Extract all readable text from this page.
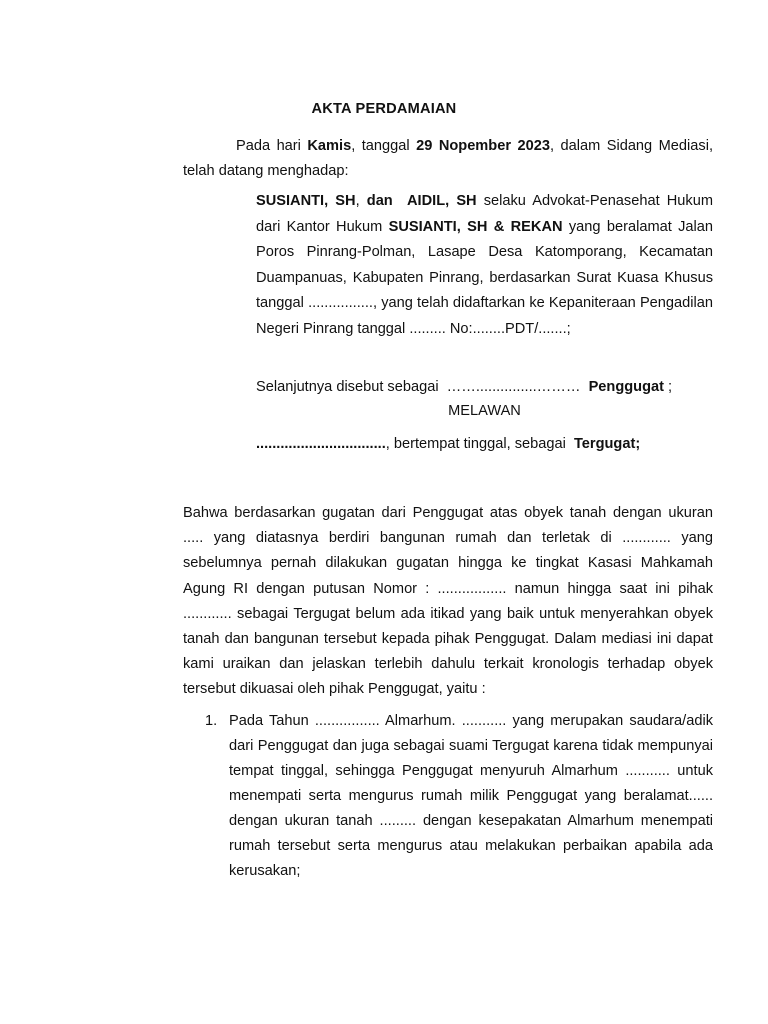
AKTA PERDAMAIAN

Pada hari Kamis, tanggal 29 Nopember 2023, dalam Sidang Mediasi, telah datang menghadap:

SUSIANTI, SH, dan AIDIL, SH selaku Advokat-Penasehat Hukum dari Kantor Hukum SUSIANTI, SH & REKAN yang beralamat Jalan Poros Pinrang-Polman, Lasape Desa Katomporang, Kecamatan Duampanuas, Kabupaten Pinrang, berdasarkan Surat Kuasa Khusus tanggal ................, yang telah didaftarkan ke Kepaniteraan Pengadilan Negeri Pinrang tanggal ......... No:........PDT/.......;

Selanjutnya disebut sebagai  ……...............………  Penggugat ;
MELAWAN
................................, bertempat tinggal, sebagai  Tergugat;

Bahwa berdasarkan gugatan dari Penggugat atas obyek tanah dengan ukuran ..... yang diatasnya berdiri bangunan rumah dan terletak di ............ yang sebelumnya pernah dilakukan gugatan hingga ke tingkat Kasasi Mahkamah Agung RI dengan putusan Nomor : ................. namun hingga saat ini pihak ............ sebagai Tergugat belum ada itikad yang baik untuk menyerahkan obyek tanah dan bangunan tersebut kepada pihak Penggugat. Dalam mediasi ini dapat kami uraikan dan jelaskan terlebih dahulu terkait kronologis terhadap obyek tersebut dikuasai oleh pihak Penggugat, yaitu :

1. Pada Tahun ................ Almarhum. ........... yang merupakan saudara/adik dari Penggugat dan juga sebagai suami Tergugat karena tidak mempunyai tempat tinggal, sehingga Penggugat menyuruh Almarhum ........... untuk menempati serta mengurus rumah milik Penggugat yang beralamat...... dengan ukuran tanah ......... dengan kesepakatan Almarhum menempati rumah tersebut serta mengurus atau melakukan perbaikan apabila ada kerusakan;
